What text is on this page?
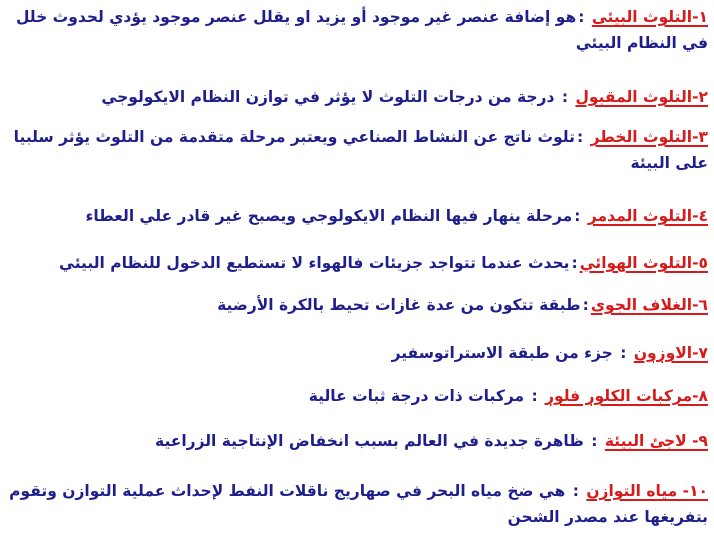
١-التلوث البيئى :هو إضافة عنصر غير موجود أو يزيد او يقلل عنصر موجود يؤدي لحدوث خلل في النظام البيئي
٢-التلوث المقبول : درجة من درجات التلوث لا يؤثر في توازن النظام الايكولوجي
٣-التلوث الخطر :تلوث ناتج عن النشاط الصناعي ويعتبر مرحلة متقدمة من التلوث يؤثر سلبيا على البيئة
٤-التلوث المدمر :مرحلة ينهار فيها النظام الايكولوجي ويصبح غير قادر علي العطاء
٥-التلوث الهوائي:يحدث عندما تتواجد جزيئات فالهواء لا تستطيع الدخول للنظام البيئي
٦-الغلاف الجوى:طبقة تتكون من عدة غازات تحيط بالكرة الأرضية
٧-الاوزون : جزء من طبقة الاستراتوسفير
٨-مركبات الكلور فلور : مركبات ذات درجة ثبات عالية
٩- لاجئ البيئة : ظاهرة جديدة في العالم بسبب انخفاض الإنتاجية الزراعية
١٠- مياه التوازن : هي ضخ مياه البحر في صهاريج ناقلات النفط لإحداث عملية التوازن وتقوم بتفريغها عند مصدر الشحن
